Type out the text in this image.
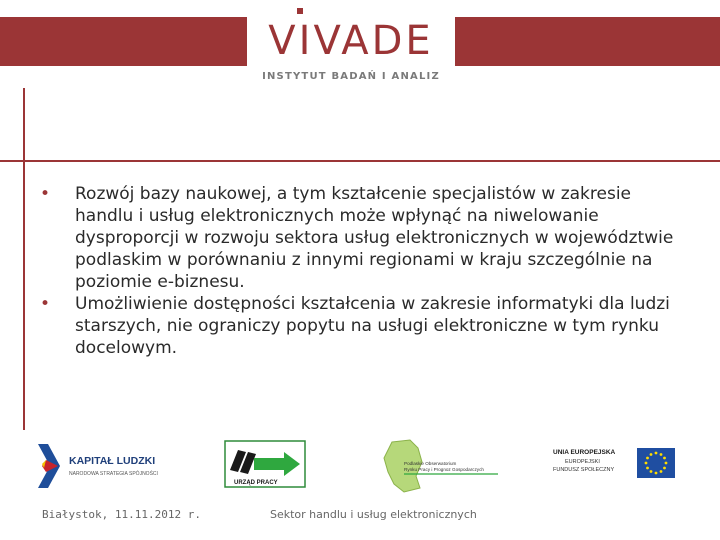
VIVADE
INSTYTUT BADAŃ I ANALIZ
•	Rozwój bazy naukowej, a tym kształcenie specjalistów w zakresie handlu i usług elektronicznych może wpłynąć na niwelowanie dysproporcji w rozwoju sektora usług elektronicznych w województwie podlaskim w porównaniu z innymi regionami w kraju szczególnie na poziomie e-biznesu.
•	Umożliwienie dostępności kształcenia w zakresie informatyki dla ludzi starszych, nie ograniczy popytu na usługi elektroniczne w tym rynku docelowym.
KAPITAŁ LUDZKI
NARODOWA STRATEGIA SPÓJNOŚCI
URZĄD PRACY
Podlaskie Obserwatorium
Rynku Pracy i Prognoz Gospodarczych
UNIA EUROPEJSKA
EUROPEJSKI
FUNDUSZ SPOŁECZNY
Białystok, 11.11.2012 r.	Sektor handlu i usług elektronicznych
